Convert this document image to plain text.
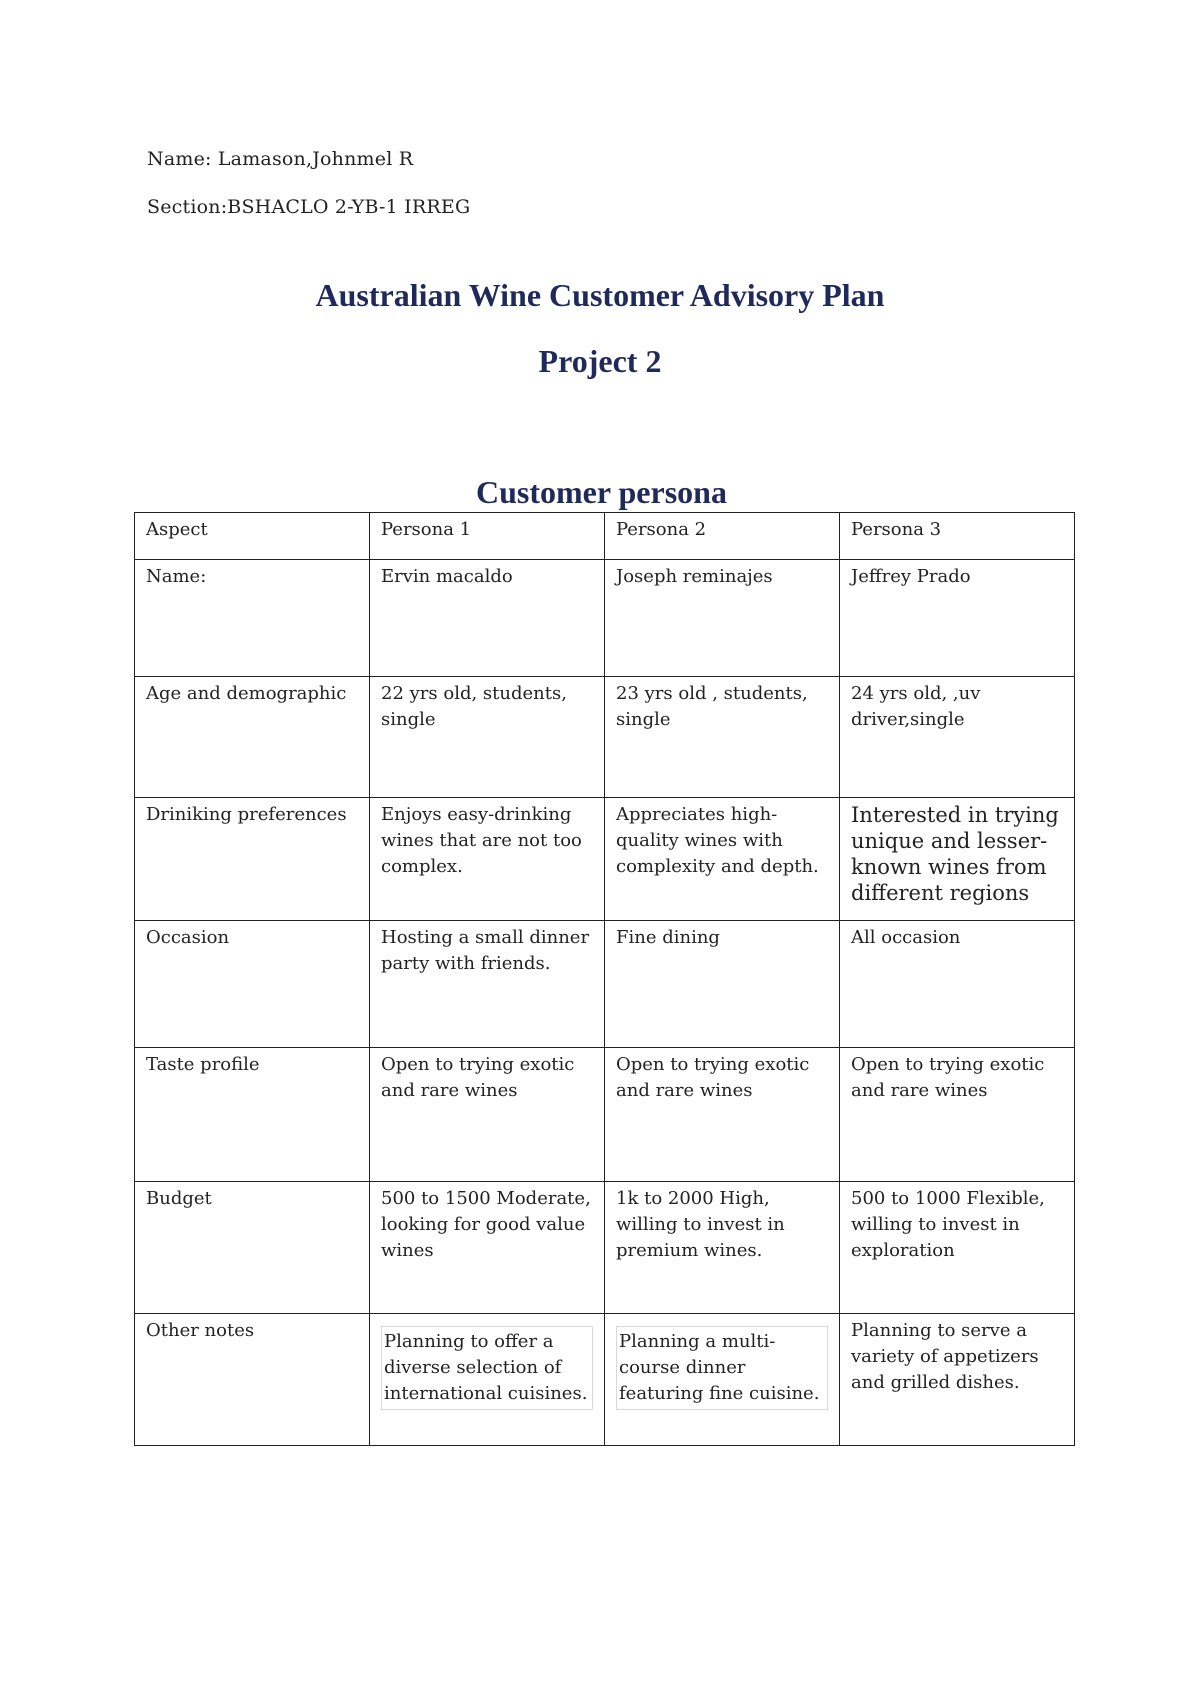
Name: Lamason,Johnmel R
Section:BSHACLO 2-YB-1 IRREG
Australian Wine Customer Advisory Plan
Project 2
Customer persona
Aspect	Persona 1	Persona 2	Persona 3
Name:	Ervin macaldo	Joseph reminajes	Jeffrey Prado
Age and demographic	22 yrs old, students, single	23 yrs old , students, single	24 yrs old, ,uv driver,single
Driniking preferences	Enjoys easy-drinking wines that are not too complex.	Appreciates high-quality wines with complexity and depth.	Interested in trying unique and lesser-known wines from different regions
Occasion	Hosting a small dinner party with friends.	Fine dining	All occasion
Taste profile	Open to trying exotic and rare wines	Open to trying exotic and rare wines	Open to trying exotic and rare wines
Budget	500 to 1500 Moderate, looking for good value wines	1k to 2000 High, willing to invest in premium wines.	500 to 1000 Flexible, willing to invest in exploration
Other notes	Planning to offer a diverse selection of international cuisines.	Planning a multi-course dinner featuring fine cuisine.	Planning to serve a variety of appetizers and grilled dishes.
